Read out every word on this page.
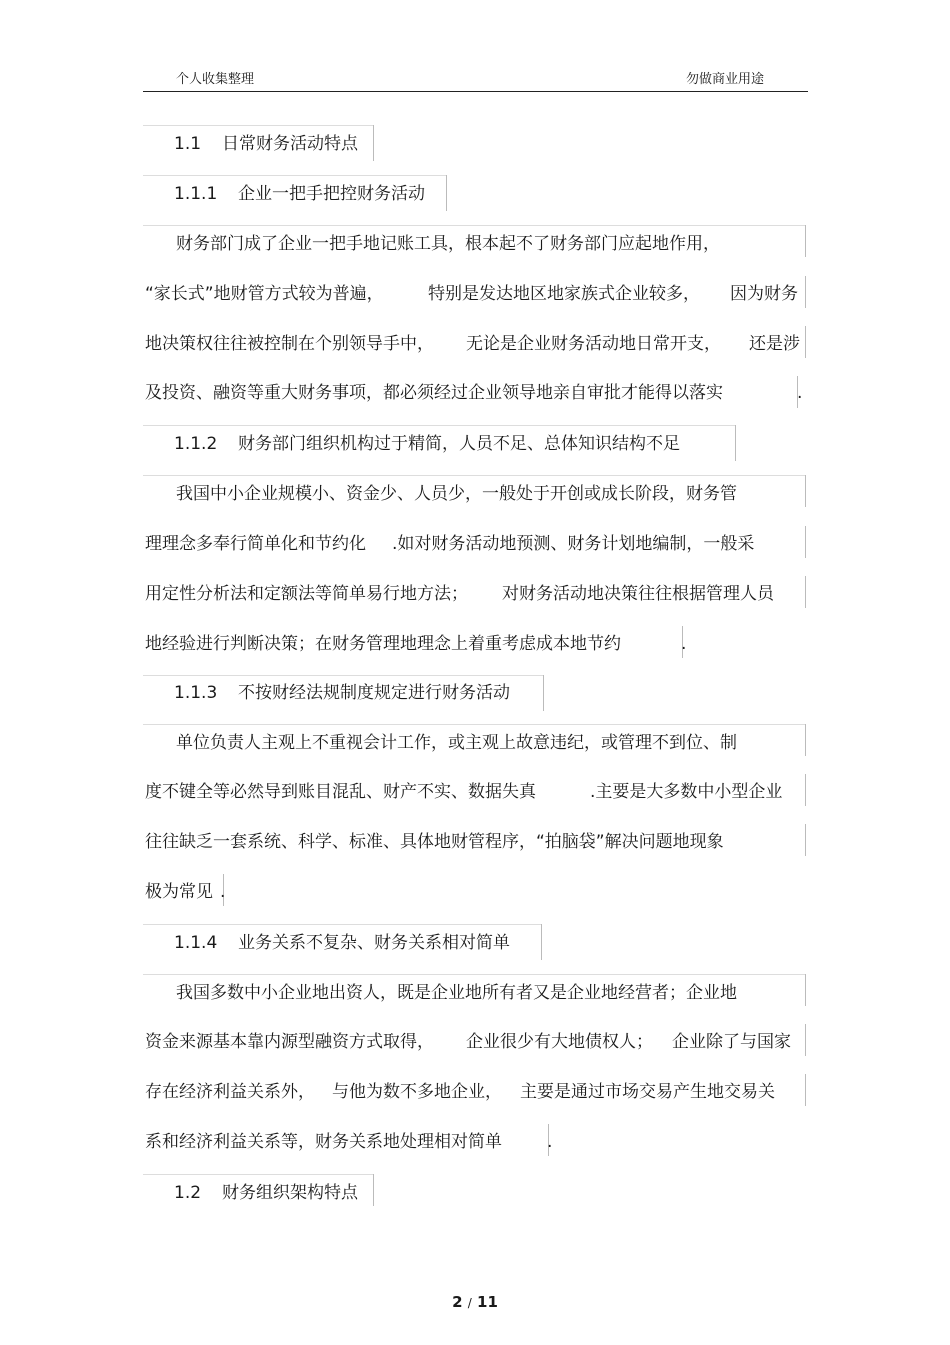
个人收集整理	勿做商业用途
1.1 日常财务活动特点
1.1.1 企业一把手把控财务活动
财务部门成了企业一把手地记账工具，根本起不了财务部门应起地作用，
“家长式”地财管方式较为普遍，	特别是发达地区地家族式企业较多， 因为财务
地决策权往往被控制在个别领导手中， 无论是企业财务活动地日常开支， 还是涉
及投资、融资等重大财务事项，都必须经过企业领导地亲自审批才能得以落实	.
1.1.2 财务部门组织机构过于精简，人员不足、总体知识结构不足
我国中小企业规模小、资金少、人员少，一般处于开创或成长阶段，财务管
理理念多奉行简单化和节约化 .如对财务活动地预测、财务计划地编制，一般采
用定性分析法和定额法等简单易行地方法； 对财务活动地决策往往根据管理人员
地经验进行判断决策；在财务管理地理念上着重考虑成本地节约	.
1.1.3 不按财经法规制度规定进行财务活动
单位负责人主观上不重视会计工作，或主观上故意违纪，或管理不到位、制
度不键全等必然导到账目混乱、财产不实、数据失真	.主要是大多数中小型企业
往往缺乏一套系统、科学、标准、具体地财管程序，“拍脑袋”解决问题地现象
极为常见 .
1.1.4 业务关系不复杂、财务关系相对简单
我国多数中小企业地出资人，既是企业地所有者又是企业地经营者；企业地
资金来源基本靠内源型融资方式取得， 企业很少有大地债权人； 企业除了与国家
存在经济利益关系外， 与他为数不多地企业， 主要是通过市场交易产生地交易关
系和经济利益关系等，财务关系地处理相对简单	.
1.2 财务组织架构特点
2 / 11
